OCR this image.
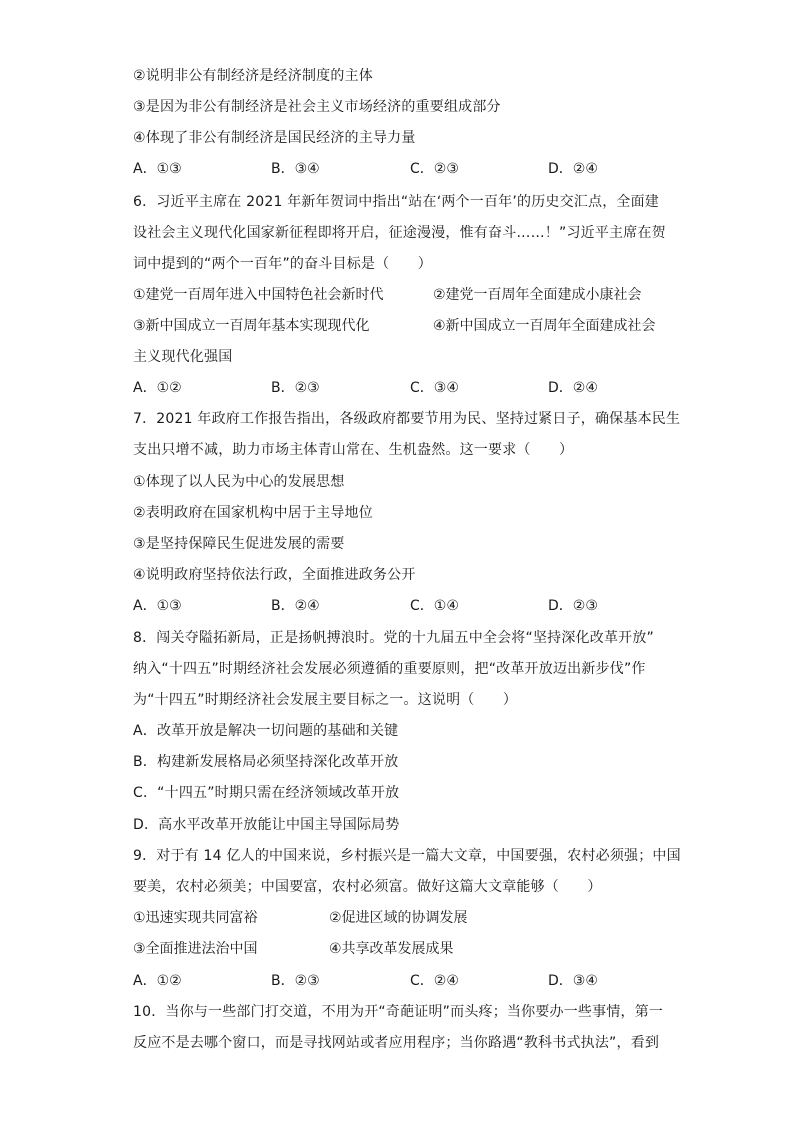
②说明非公有制经济是经济制度的主体
③是因为非公有制经济是社会主义市场经济的重要组成部分
④体现了非公有制经济是国民经济的主导力量
A．①③	B．③④	C．②③	D．②④
6．习近平主席在 2021 年新年贺词中指出“站在‘两个一百年’的历史交汇点，全面建
设社会主义现代化国家新征程即将开启，征途漫漫，惟有奋斗……！”习近平主席在贺
词中提到的“两个一百年”的奋斗目标是（　　）
①建党一百周年进入中国特色社会新时代	②建党一百周年全面建成小康社会
③新中国成立一百周年基本实现现代化	④新中国成立一百周年全面建成社会
主义现代化强国
A．①②	B．②③	C．③④	D．②④
7．2021 年政府工作报告指出，各级政府都要节用为民、坚持过紧日子，确保基本民生
支出只增不减，助力市场主体青山常在、生机盎然。这一要求（　　）
①体现了以人民为中心的发展思想
②表明政府在国家机构中居于主导地位
③是坚持保障民生促进发展的需要
④说明政府坚持依法行政，全面推进政务公开
A．①③	B．②④	C．①④	D．②③
8．闯关夺隘拓新局，正是扬帆搏浪时。党的十九届五中全会将“坚持深化改革开放”
纳入“十四五”时期经济社会发展必须遵循的重要原则，把“改革开放迈出新步伐”作
为“十四五”时期经济社会发展主要目标之一。这说明（　　）
A．改革开放是解决一切问题的基础和关键
B．构建新发展格局必须坚持深化改革开放
C．“十四五”时期只需在经济领域改革开放
D．高水平改革开放能让中国主导国际局势
9．对于有 14 亿人的中国来说，乡村振兴是一篇大文章，中国要强，农村必须强；中国
要美，农村必须美；中国要富，农村必须富。做好这篇大文章能够（　　）
①迅速实现共同富裕	②促进区域的协调发展
③全面推进法治中国	④共享改革发展成果
A．①②	B．②③	C．②④	D．③④
10．当你与一些部门打交道，不用为开“奇葩证明”而头疼；当你要办一些事情，第一
反应不是去哪个窗口，而是寻找网站或者应用程序；当你路遇“教科书式执法”，看到
